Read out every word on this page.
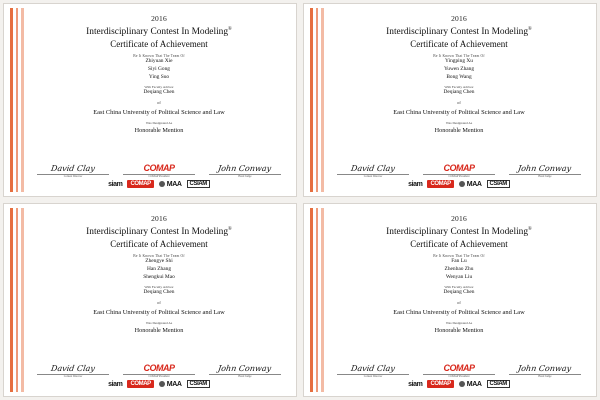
2016
Interdisciplinary Contest In Modeling®
Certificate of Achievement
Be It Known That The Team Of
Zhiyuan Xie
Siyi Gong
Ying Suo
With Faculty Advisor
Deqiang Chen
of
East China University of Political Science and Law
Was Designated As
Honorable Mention
David Clay
Contest Director
COMAP
COMAP President
John Conway
Head Judge
siam	COMAP	MAA	CSIAM
2016
Interdisciplinary Contest In Modeling®
Certificate of Achievement
Be It Known That The Team Of
Yingping Xu
Yuwen Zhang
Bong Wang
With Faculty Advisor
Deqiang Chen
of
East China University of Political Science and Law
Was Designated As
Honorable Mention
David Clay
Contest Director
COMAP
COMAP President
John Conway
Head Judge
siam	COMAP	MAA	CSIAM
2016
Interdisciplinary Contest In Modeling®
Certificate of Achievement
Be It Known That The Team Of
Zhengye Shi
Han Zhang
Shengkui Mao
With Faculty Advisor
Deqiang Chen
of
East China University of Political Science and Law
Was Designated As
Honorable Mention
David Clay
Contest Director
COMAP
COMAP President
John Conway
Head Judge
siam	COMAP	MAA	CSIAM
2016
Interdisciplinary Contest In Modeling®
Certificate of Achievement
Be It Known That The Team Of
Fan Lu
Zhenbao Zhu
Wenyan Liu
With Faculty Advisor
Deqiang Chen
of
East China University of Political Science and Law
Was Designated As
Honorable Mention
David Clay
Contest Director
COMAP
COMAP President
John Conway
Head Judge
siam	COMAP	MAA	CSIAM
